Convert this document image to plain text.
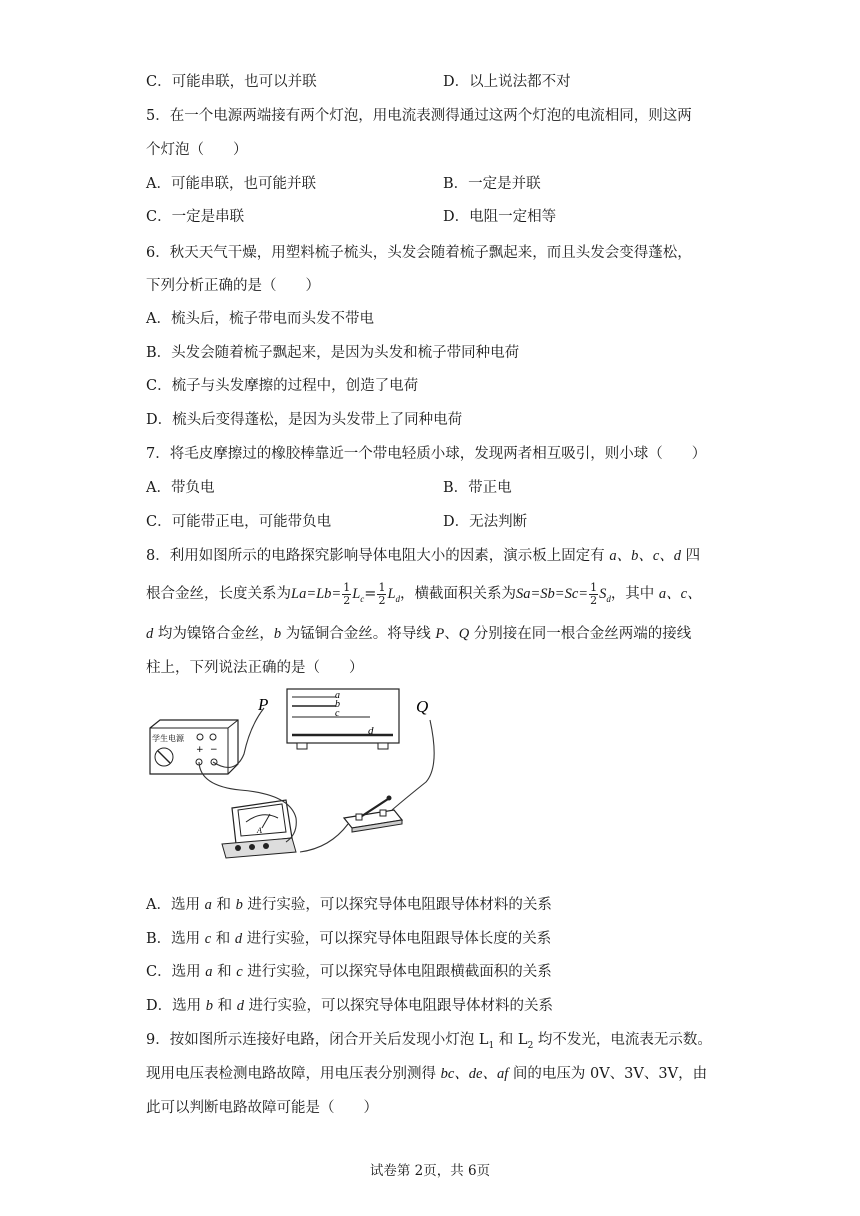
C．可能串联，也可以并联	D．以上说法都不对
5．在一个电源两端接有两个灯泡，用电流表测得通过这两个灯泡的电流相同，则这两
个灯泡（　　）
A．可能串联，也可能并联	B．一定是并联
C．一定是串联	D．电阻一定相等
6．秋天天气干燥，用塑料梳子梳头，头发会随着梳子飘起来，而且头发会变得蓬松，
下列分析正确的是（　　）
A．梳头后，梳子带电而头发不带电
B．头发会随着梳子飘起来，是因为头发和梳子带同种电荷
C．梳子与头发摩擦的过程中，创造了电荷
D．梳头后变得蓬松，是因为头发带上了同种电荷
7．将毛皮摩擦过的橡胶棒靠近一个带电轻质小球，发现两者相互吸引，则小球（　　）
A．带负电	B．带正电
C．可能带正电，可能带负电	D．无法判断
8．利用如图所示的电路探究影响导体电阻大小的因素，演示板上固定有 a、b、c、d 四
根合金丝，长度关系为$La=Lb= \frac{1}{2} L_c= \frac{1}{2} L_d$，横截面积关系为$Sa=Sb=Sc= \frac{1}{2} S_d$，其中 a、c、
d 均为镍铬合金丝，b 为锰铜合金丝。将导线 P、Q 分别接在同一根合金丝两端的接线
柱上，下列说法正确的是（　　）
P	Q
a
b
c
d
学生电源
+ −
A
A．选用 a 和 b 进行实验，可以探究导体电阻跟导体材料的关系
B．选用 c 和 d 进行实验，可以探究导体电阻跟导体长度的关系
C．选用 a 和 c 进行实验，可以探究导体电阻跟横截面积的关系
D．选用 b 和 d 进行实验，可以探究导体电阻跟导体材料的关系
9．按如图所示连接好电路，闭合开关后发现小灯泡 $L_1$ 和 $L_2$ 均不发光，电流表无示数。
现用电压表检测电路故障，用电压表分别测得 bc、de、af 间的电压为 0V、3V、3V，由
此可以判断电路故障可能是（　　）
试卷第 2页，共 6页
